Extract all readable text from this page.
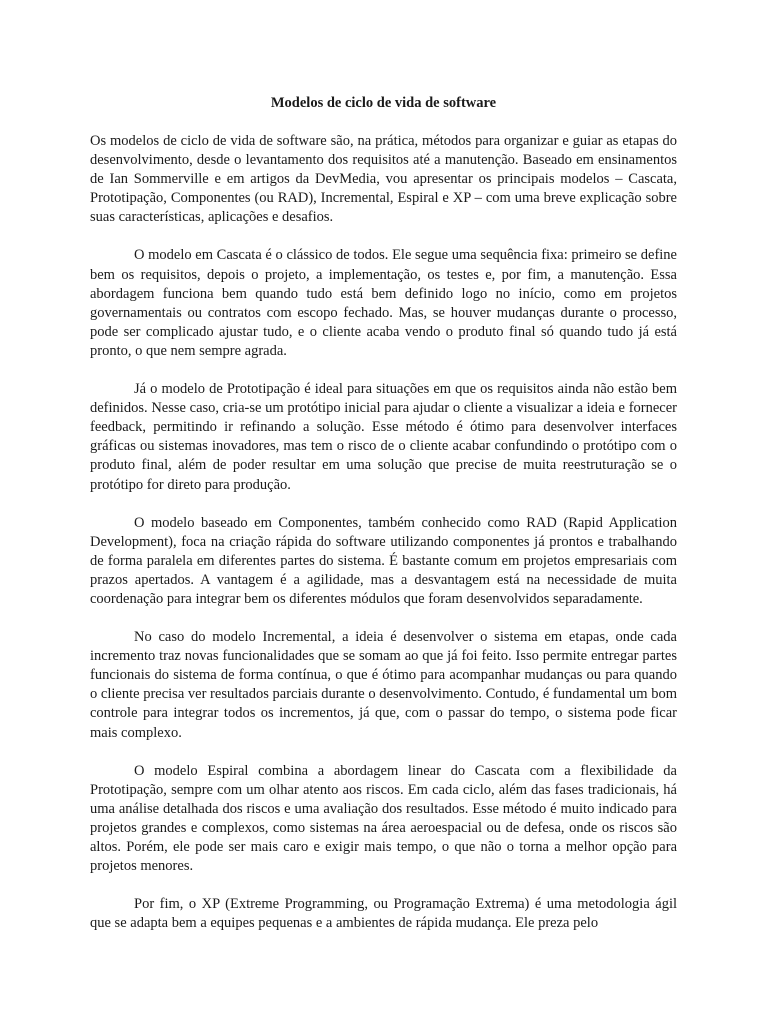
Modelos de ciclo de vida de software

Os modelos de ciclo de vida de software são, na prática, métodos para organizar e guiar as etapas do desenvolvimento, desde o levantamento dos requisitos até a manutenção. Baseado em ensinamentos de Ian Sommerville e em artigos da DevMedia, vou apresentar os principais modelos – Cascata, Prototipação, Componentes (ou RAD), Incremental, Espiral e XP – com uma breve explicação sobre suas características, aplicações e desafios.

O modelo em Cascata é o clássico de todos. Ele segue uma sequência fixa: primeiro se define bem os requisitos, depois o projeto, a implementação, os testes e, por fim, a manutenção. Essa abordagem funciona bem quando tudo está bem definido logo no início, como em projetos governamentais ou contratos com escopo fechado. Mas, se houver mudanças durante o processo, pode ser complicado ajustar tudo, e o cliente acaba vendo o produto final só quando tudo já está pronto, o que nem sempre agrada.

Já o modelo de Prototipação é ideal para situações em que os requisitos ainda não estão bem definidos. Nesse caso, cria-se um protótipo inicial para ajudar o cliente a visualizar a ideia e fornecer feedback, permitindo ir refinando a solução. Esse método é ótimo para desenvolver interfaces gráficas ou sistemas inovadores, mas tem o risco de o cliente acabar confundindo o protótipo com o produto final, além de poder resultar em uma solução que precise de muita reestruturação se o protótipo for direto para produção.

O modelo baseado em Componentes, também conhecido como RAD (Rapid Application Development), foca na criação rápida do software utilizando componentes já prontos e trabalhando de forma paralela em diferentes partes do sistema. É bastante comum em projetos empresariais com prazos apertados. A vantagem é a agilidade, mas a desvantagem está na necessidade de muita coordenação para integrar bem os diferentes módulos que foram desenvolvidos separadamente.

No caso do modelo Incremental, a ideia é desenvolver o sistema em etapas, onde cada incremento traz novas funcionalidades que se somam ao que já foi feito. Isso permite entregar partes funcionais do sistema de forma contínua, o que é ótimo para acompanhar mudanças ou para quando o cliente precisa ver resultados parciais durante o desenvolvimento. Contudo, é fundamental um bom controle para integrar todos os incrementos, já que, com o passar do tempo, o sistema pode ficar mais complexo.

O modelo Espiral combina a abordagem linear do Cascata com a flexibilidade da Prototipação, sempre com um olhar atento aos riscos. Em cada ciclo, além das fases tradicionais, há uma análise detalhada dos riscos e uma avaliação dos resultados. Esse método é muito indicado para projetos grandes e complexos, como sistemas na área aeroespacial ou de defesa, onde os riscos são altos. Porém, ele pode ser mais caro e exigir mais tempo, o que não o torna a melhor opção para projetos menores.

Por fim, o XP (Extreme Programming, ou Programação Extrema) é uma metodologia ágil que se adapta bem a equipes pequenas e a ambientes de rápida mudança. Ele preza pelo
